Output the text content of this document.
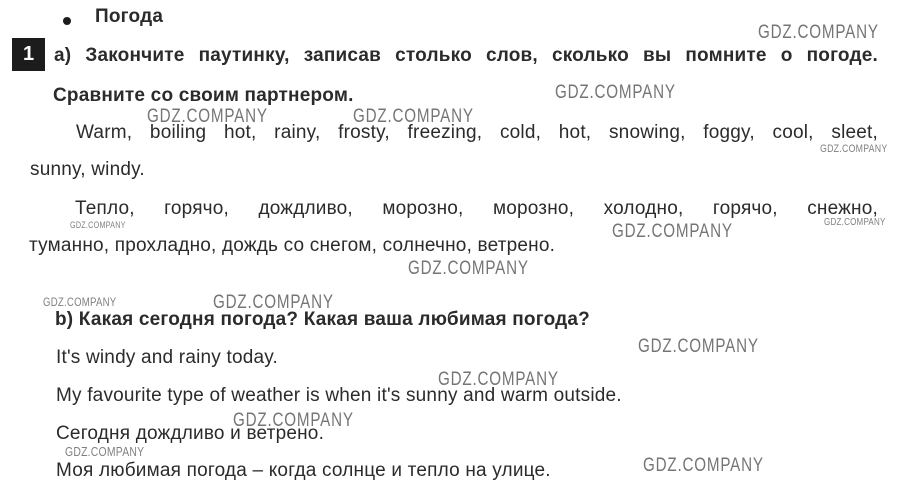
GDZ.COMPANY
GDZ.COMPANY
GDZ.COMPANY	GDZ.COMPANY
GDZ.COMPANY
GDZ.COMPANY	GDZ.COMPANY	GDZ.COMPANY
GDZ.COMPANY
GDZ.COMPANY	GDZ.COMPANY
GDZ.COMPANY
GDZ.COMPANY
GDZ.COMPANY
GDZ.COMPANY
GDZ.COMPANY
Погода
1	а) Закончите паутинку, записав столько слов, сколько вы помните о погоде.
Сравните со своим партнером.
Warm, boiling hot, rainy, frosty, freezing, cold, hot, snowing, foggy, cool, sleet,
sunny, windy.
Тепло, горячо, дождливо, морозно, морозно, холодно, горячо, снежно,
туманно, прохладно, дождь со снегом, солнечно, ветрено.
b) Какая сегодня погода? Какая ваша любимая погода?
It's windy and rainy today.
My favourite type of weather is when it's sunny and warm outside.
Сегодня дождливо и ветрено.
Моя любимая погода – когда солнце и тепло на улице.
